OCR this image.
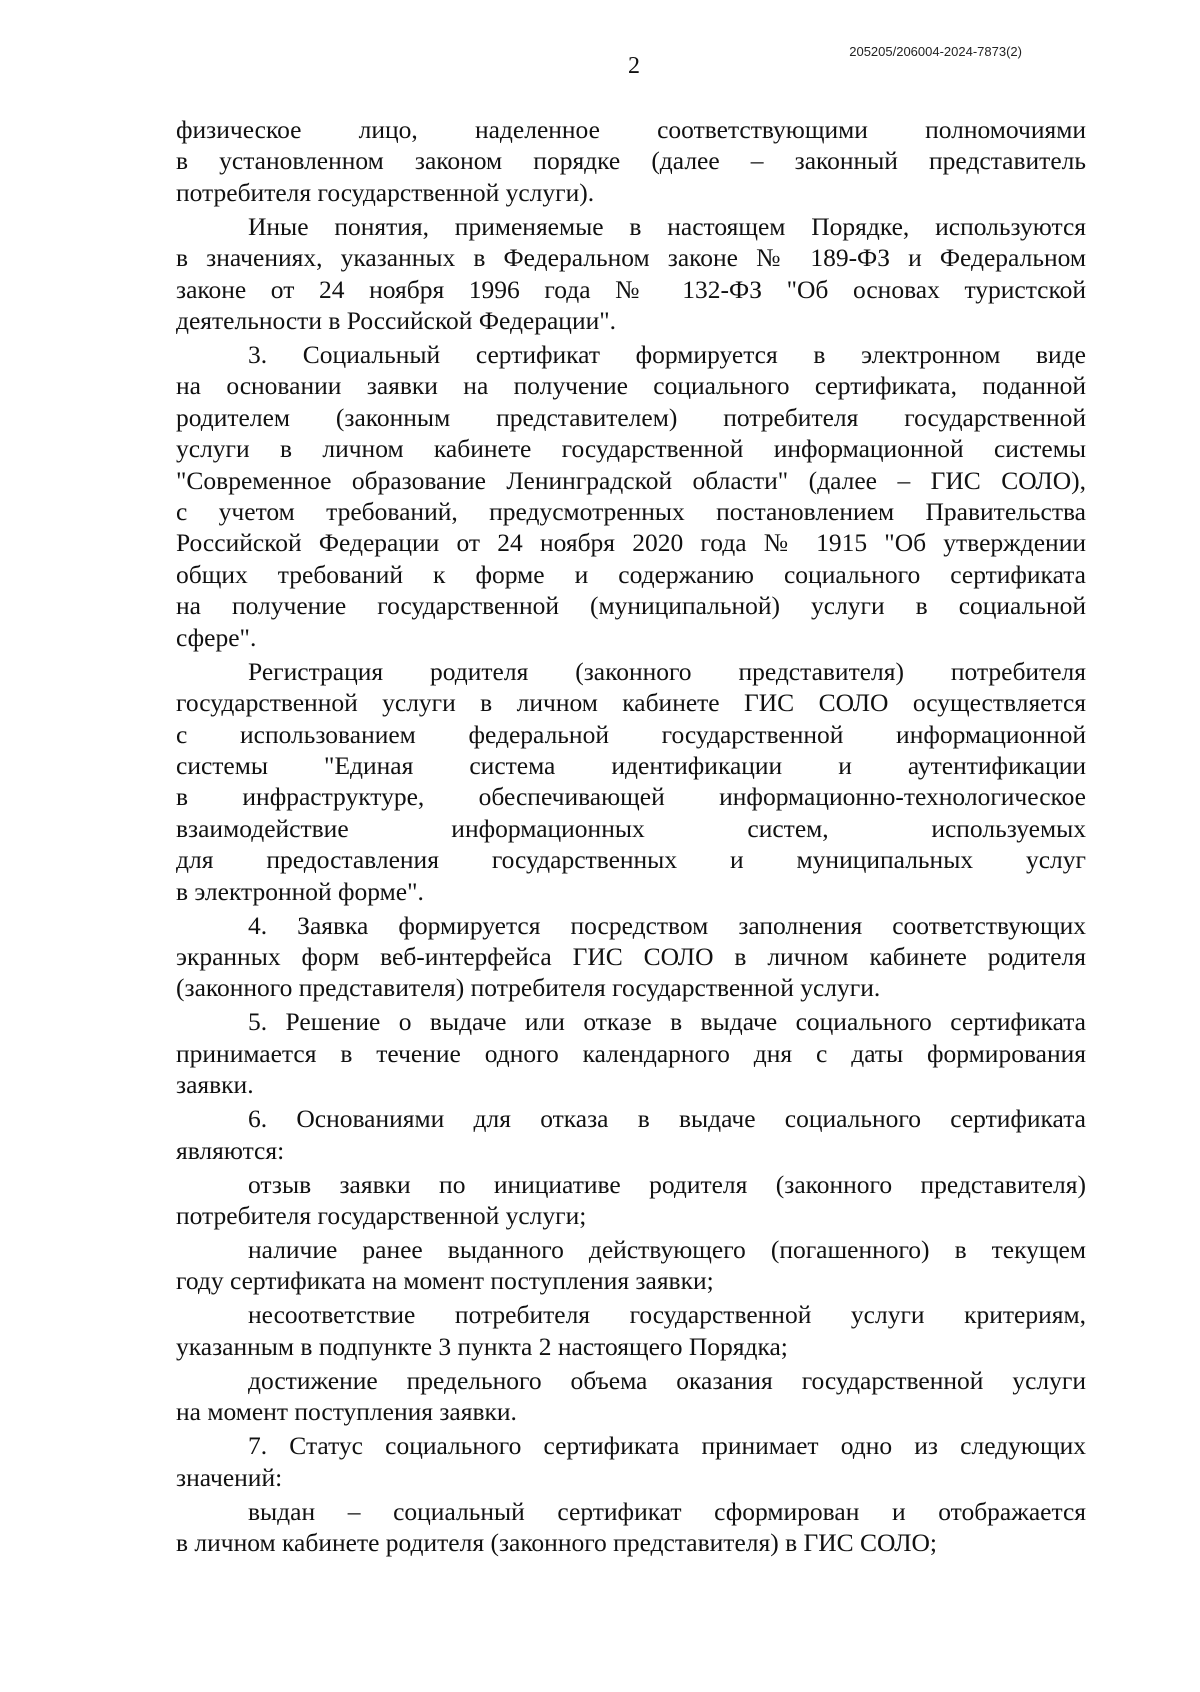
205205/206004-2024-7873(2)
2
физическое лицо, наделенное соответствующими полномочиями
в установленном законом порядке (далее – законный представитель
потребителя государственной услуги).
Иные понятия, применяемые в настоящем Порядке, используются
в значениях, указанных в Федеральном законе № 189-ФЗ и Федеральном
законе от 24 ноября 1996 года № 132-ФЗ "Об основах туристской
деятельности в Российской Федерации".
3. Социальный сертификат формируется в электронном виде
на основании заявки на получение социального сертификата, поданной
родителем (законным представителем) потребителя государственной
услуги в личном кабинете государственной информационной системы
"Современное образование Ленинградской области" (далее – ГИС СОЛО),
с учетом требований, предусмотренных постановлением Правительства
Российской Федерации от 24 ноября 2020 года № 1915 "Об утверждении
общих требований к форме и содержанию социального сертификата
на получение государственной (муниципальной) услуги в социальной
сфере".
Регистрация родителя (законного представителя) потребителя
государственной услуги в личном кабинете ГИС СОЛО осуществляется
с использованием федеральной государственной информационной
системы "Единая система идентификации и аутентификации
в инфраструктуре, обеспечивающей информационно-технологическое
взаимодействие информационных систем, используемых
для предоставления государственных и муниципальных услуг
в электронной форме".
4. Заявка формируется посредством заполнения соответствующих
экранных форм веб-интерфейса ГИС СОЛО в личном кабинете родителя
(законного представителя) потребителя государственной услуги.
5. Решение о выдаче или отказе в выдаче социального сертификата
принимается в течение одного календарного дня с даты формирования
заявки.
6. Основаниями для отказа в выдаче социального сертификата
являются:
отзыв заявки по инициативе родителя (законного представителя)
потребителя государственной услуги;
наличие ранее выданного действующего (погашенного) в текущем
году сертификата на момент поступления заявки;
несоответствие потребителя государственной услуги критериям,
указанным в подпункте 3 пункта 2 настоящего Порядка;
достижение предельного объема оказания государственной услуги
на момент поступления заявки.
7. Статус социального сертификата принимает одно из следующих
значений:
выдан – социальный сертификат сформирован и отображается
в личном кабинете родителя (законного представителя) в ГИС СОЛО;
